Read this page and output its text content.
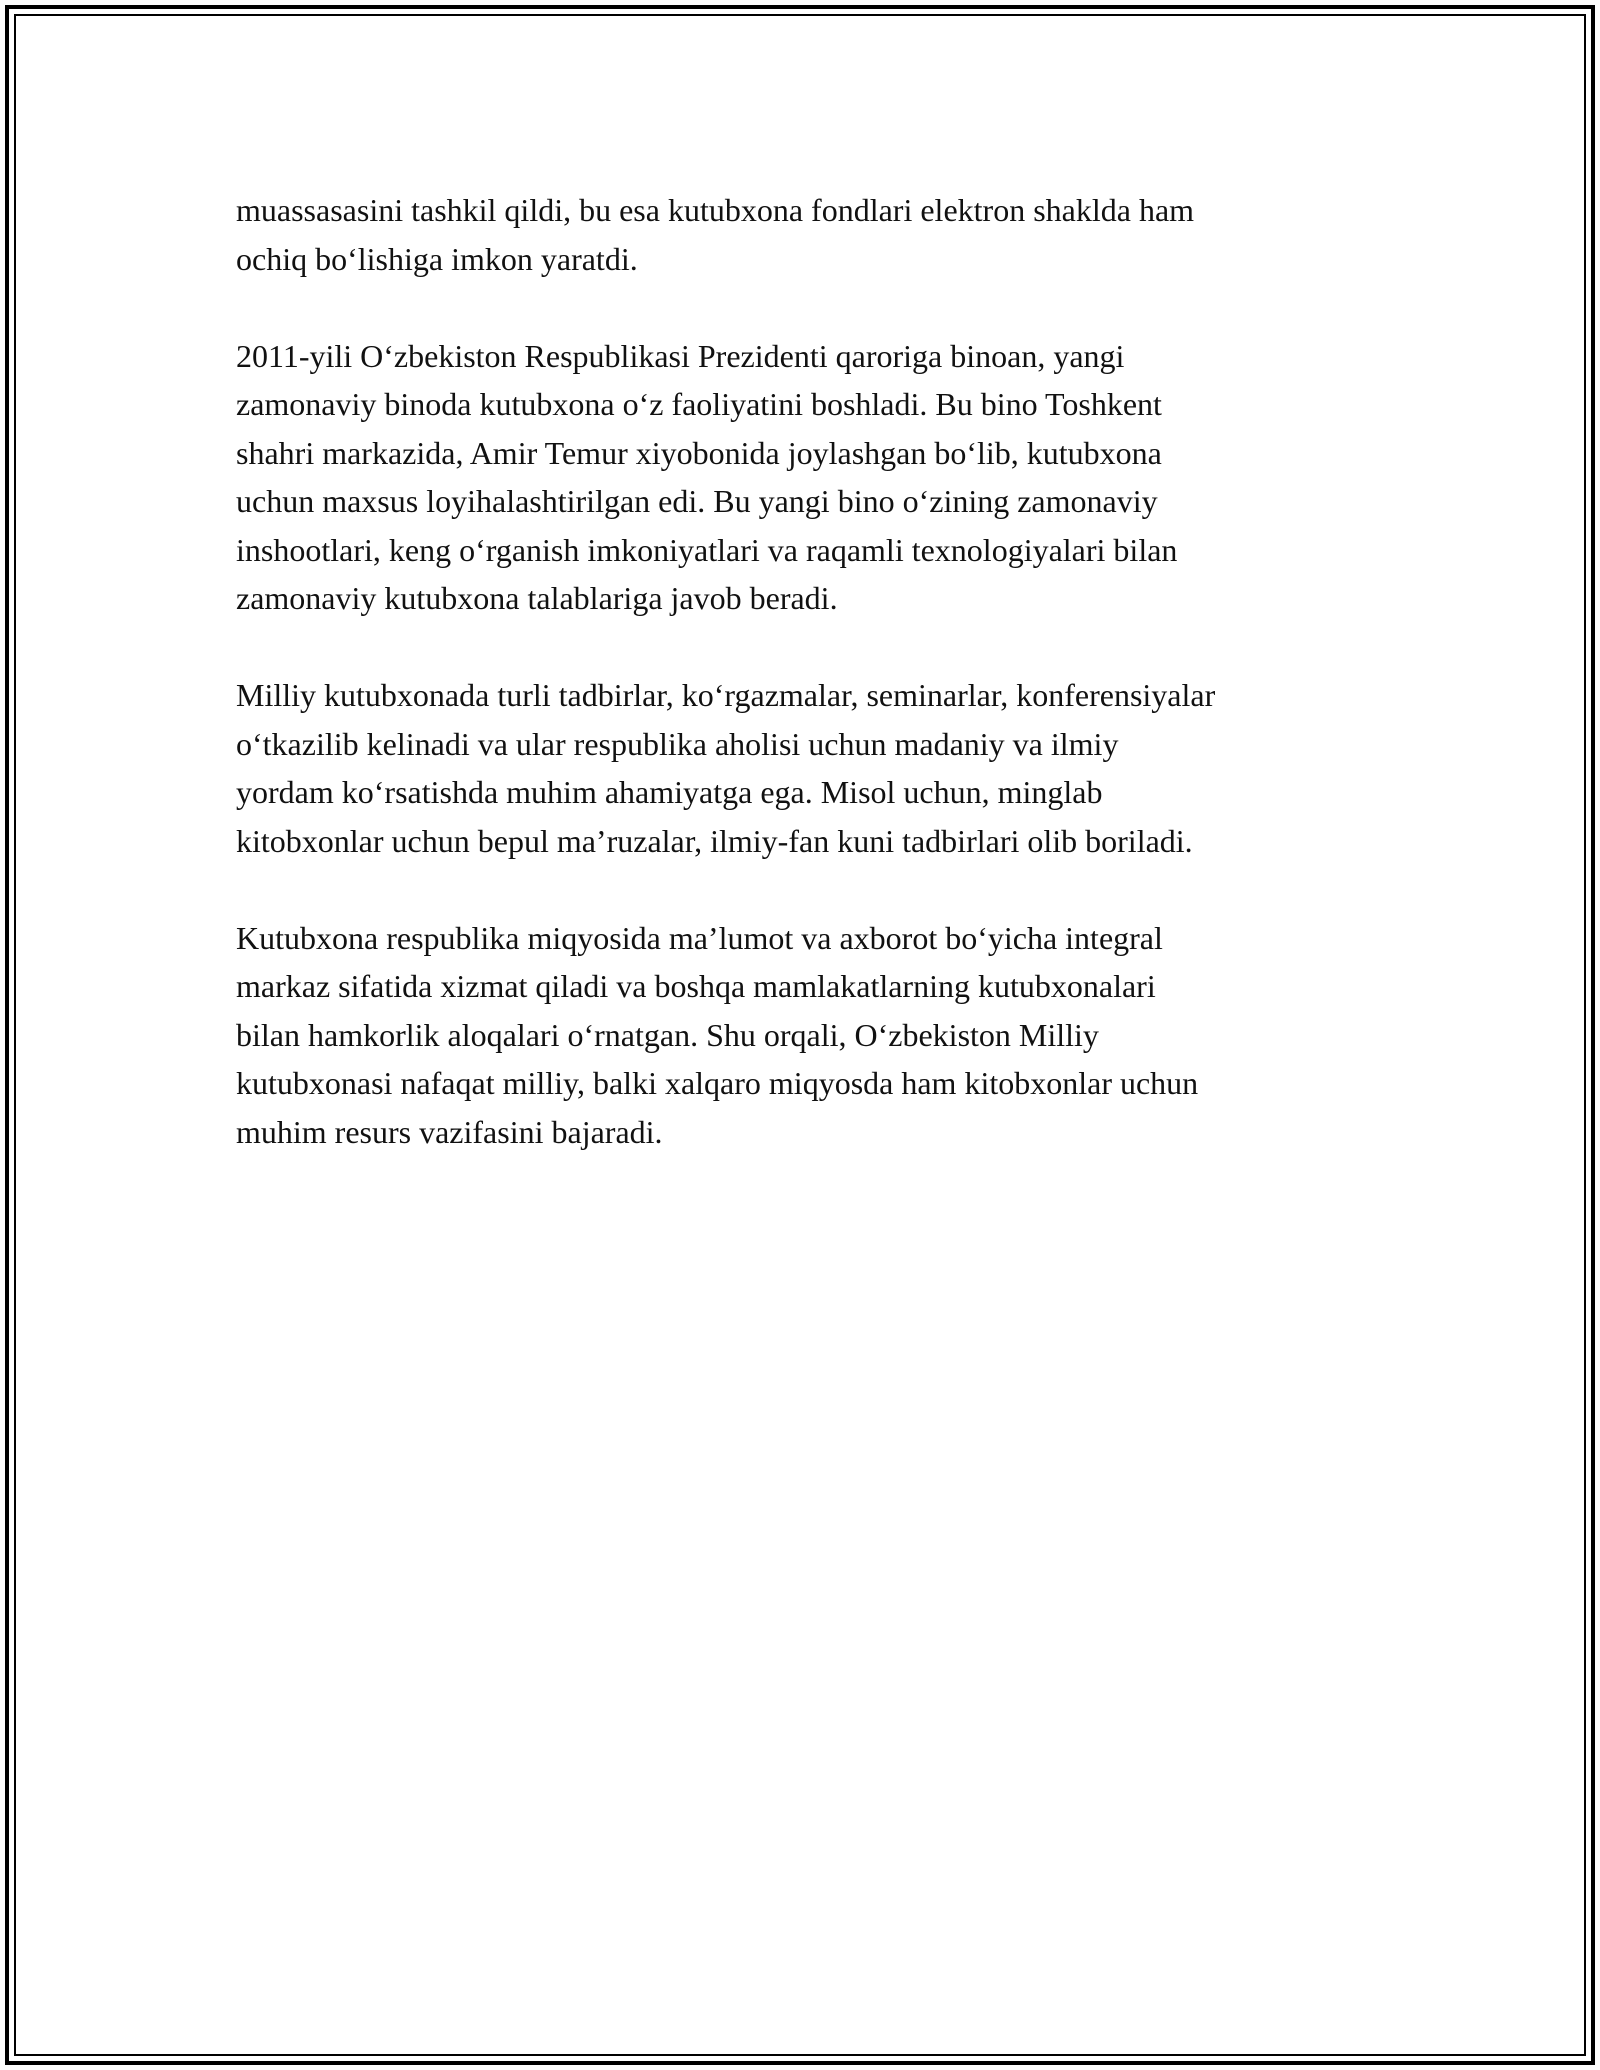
muassasasini tashkil qildi, bu esa kutubxona fondlari elektron shaklda ham
ochiq bo‘lishiga imkon yaratdi.

2011-yili O‘zbekiston Respublikasi Prezidenti qaroriga binoan, yangi
zamonaviy binoda kutubxona o‘z faoliyatini boshladi. Bu bino Toshkent
shahri markazida, Amir Temur xiyobonida joylashgan bo‘lib, kutubxona
uchun maxsus loyihalashtirilgan edi. Bu yangi bino o‘zining zamonaviy
inshootlari, keng o‘rganish imkoniyatlari va raqamli texnologiyalari bilan
zamonaviy kutubxona talablariga javob beradi.

Milliy kutubxonada turli tadbirlar, ko‘rgazmalar, seminarlar, konferensiyalar
o‘tkazilib kelinadi va ular respublika aholisi uchun madaniy va ilmiy
yordam ko‘rsatishda muhim ahamiyatga ega. Misol uchun, minglab
kitobxonlar uchun bepul ma’ruzalar, ilmiy-fan kuni tadbirlari olib boriladi.

Kutubxona respublika miqyosida ma’lumot va axborot bo‘yicha integral
markaz sifatida xizmat qiladi va boshqa mamlakatlarning kutubxonalari
bilan hamkorlik aloqalari o‘rnatgan. Shu orqali, O‘zbekiston Milliy
kutubxonasi nafaqat milliy, balki xalqaro miqyosda ham kitobxonlar uchun
muhim resurs vazifasini bajaradi.
